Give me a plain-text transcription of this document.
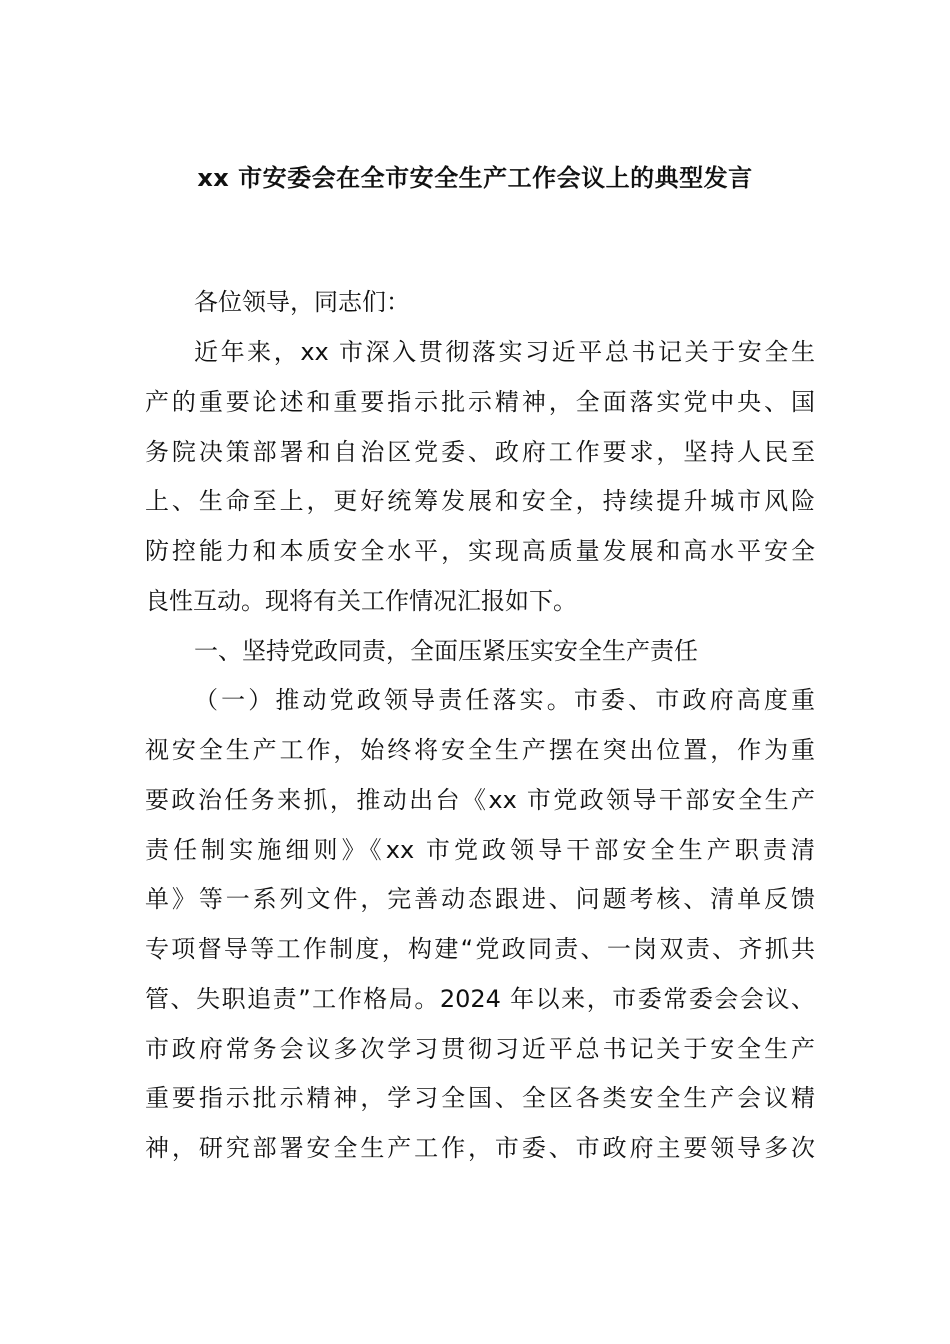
xx 市安委会在全市安全生产工作会议上的典型发言
各位领导，同志们：
近年来，xx 市深入贯彻落实习近平总书记关于安全生
产的重要论述和重要指示批示精神，全面落实党中央、国
务院决策部署和自治区党委、政府工作要求，坚持人民至
上、生命至上，更好统筹发展和安全，持续提升城市风险
防控能力和本质安全水平，实现高质量发展和高水平安全
良性互动。现将有关工作情况汇报如下。
一、坚持党政同责，全面压紧压实安全生产责任
（一）推动党政领导责任落实。市委、市政府高度重
视安全生产工作，始终将安全生产摆在突出位置，作为重
要政治任务来抓，推动出台《xx 市党政领导干部安全生产
责任制实施细则》《xx 市党政领导干部安全生产职责清
单》等一系列文件，完善动态跟进、问题考核、清单反馈
专项督导等工作制度，构建“党政同责、一岗双责、齐抓共
管、失职追责”工作格局。2024 年以来，市委常委会会议、
市政府常务会议多次学习贯彻习近平总书记关于安全生产
重要指示批示精神，学习全国、全区各类安全生产会议精
神，研究部署安全生产工作，市委、市政府主要领导多次
